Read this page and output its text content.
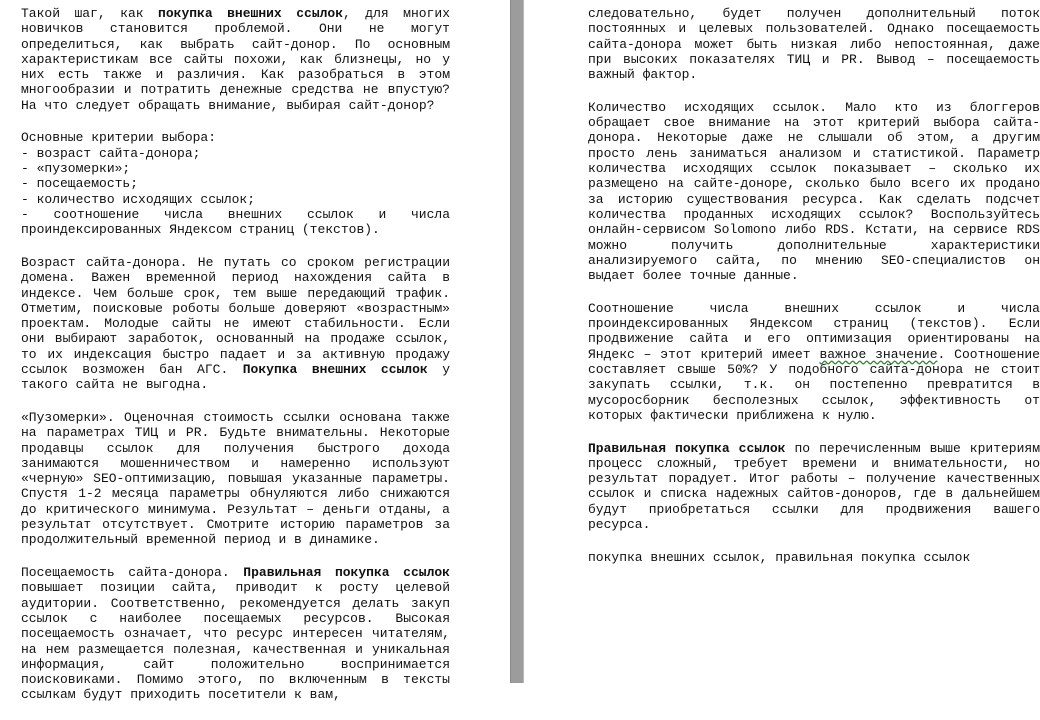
Такой шаг, как покупка внешних ссылок, для многих новичков становится проблемой. Они не могут определиться, как выбрать сайт-донор. По основным характеристикам все сайты похожи, как близнецы, но у них есть также и различия. Как разобраться в этом многообразии и потратить денежные средства не впустую? На что следует обращать внимание, выбирая сайт-донор?

Основные критерии выбора:
- возраст сайта-донора;
- «пузомерки»;
- посещаемость;
- количество исходящих ссылок;
- соотношение числа внешних ссылок и числа
проиндексированных Яндексом страниц (текстов).

Возраст сайта-донора. Не путать со сроком регистрации домена. Важен временной период нахождения сайта в индексе. Чем больше срок, тем выше передающий трафик. Отметим, поисковые роботы больше доверяют «возрастным» проектам. Молодые сайты не имеют стабильности. Если они выбирают заработок, основанный на продаже ссылок, то их индексация быстро падает и за активную продажу ссылок возможен бан АГС. Покупка внешних ссылок у такого сайта не выгодна.

«Пузомерки». Оценочная стоимость ссылки основана также на параметрах ТИЦ и PR. Будьте внимательны. Некоторые продавцы ссылок для получения быстрого дохода занимаются мошенничеством и намеренно используют «черную» SEO-оптимизацию, повышая указанные параметры. Спустя 1-2 месяца параметры обнуляются либо снижаются до критического минимума. Результат – деньги отданы, а результат отсутствует. Смотрите историю параметров за продолжительный временной период и в динамике.

Посещаемость сайта-донора. Правильная покупка ссылок повышает позиции сайта, приводит к росту целевой аудитории. Соответственно, рекомендуется делать закуп ссылок с наиболее посещаемых ресурсов. Высокая посещаемость означает, что ресурс интересен читателям, на нем размещается полезная, качественная и уникальная информация, сайт положительно воспринимается поисковиками. Помимо этого, по включенным в тексты ссылкам будут приходить посетители к вам,

следовательно, будет получен дополнительный поток постоянных и целевых пользователей. Однако посещаемость сайта-донора может быть низкая либо непостоянная, даже при высоких показателях ТИЦ и PR. Вывод – посещаемость важный фактор.

Количество исходящих ссылок. Мало кто из блоггеров обращает свое внимание на этот критерий выбора сайта-донора. Некоторые даже не слышали об этом, а другим просто лень заниматься анализом и статистикой. Параметр количества исходящих ссылок показывает – сколько их размещено на сайте-доноре, сколько было всего их продано за историю существования ресурса. Как сделать подсчет количества проданных исходящих ссылок? Воспользуйтесь онлайн-сервисом Solomono либо RDS. Кстати, на сервисе RDS можно получить дополнительные характеристики анализируемого сайта, по мнению SEO-специалистов он выдает более точные данные.

Соотношение числа внешних ссылок и числа проиндексированных Яндексом страниц (текстов). Если продвижение сайта и его оптимизация ориентированы на Яндекс – этот критерий имеет важное значение. Соотношение составляет свыше 50%? У подобного сайта-донора не стоит закупать ссылки, т.к. он постепенно превратится в мусоросборник бесполезных ссылок, эффективность от которых фактически приближена к нулю.

Правильная покупка ссылок по перечисленным выше критериям процесс сложный, требует времени и внимательности, но результат порадует. Итог работы – получение качественных ссылок и списка надежных сайтов-доноров, где в дальнейшем будут приобретаться ссылки для продвижения вашего ресурса.

покупка внешних ссылок, правильная покупка ссылок
